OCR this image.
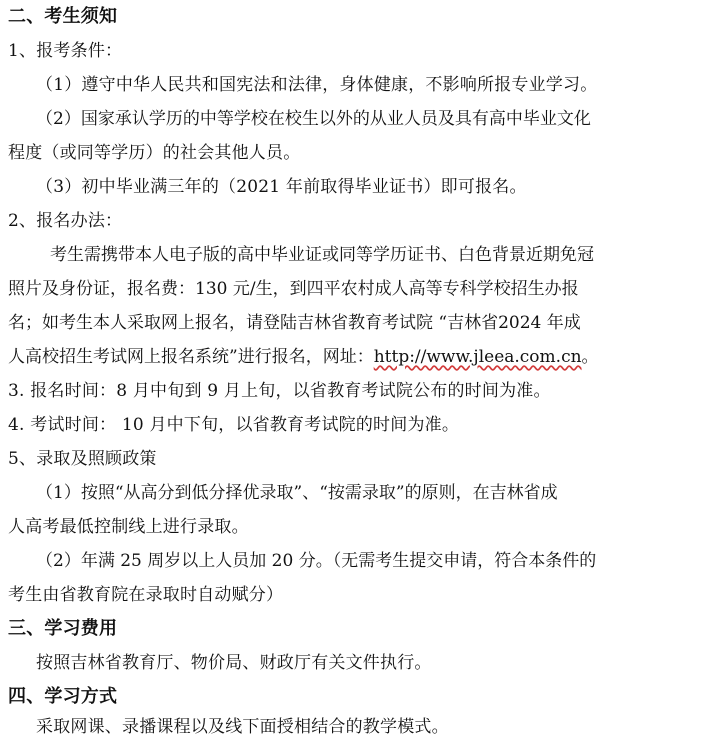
二、考生须知
1、报考条件：
（1）遵守中华人民共和国宪法和法律，身体健康，不影响所报专业学习。
（2）国家承认学历的中等学校在校生以外的从业人员及具有高中毕业文化
程度（或同等学历）的社会其他人员。
（3）初中毕业满三年的（2021 年前取得毕业证书）即可报名。
2、报名办法：
考生需携带本人电子版的高中毕业证或同等学历证书、白色背景近期免冠
照片及身份证，报名费：130 元/生，到四平农村成人高等专科学校招生办报
名；如考生本人采取网上报名，请登陆吉林省教育考试院 “吉林省2024 年成
人高校招生考试网上报名系统”进行报名，网址：http://www.jleea.com.cn。
3. 报名时间：8 月中旬到 9 月上旬，以省教育考试院公布的时间为准。
4. 考试时间： 10 月中下旬，以省教育考试院的时间为准。
5、录取及照顾政策
（1）按照“从高分到低分择优录取”、“按需录取”的原则，在吉林省成
人高考最低控制线上进行录取。
（2）年满 25 周岁以上人员加 20 分。（无需考生提交申请，符合本条件的
考生由省教育院在录取时自动赋分）
三、学习费用
按照吉林省教育厅、物价局、财政厅有关文件执行。
四、学习方式
采取网课、录播课程以及线下面授相结合的教学模式。
